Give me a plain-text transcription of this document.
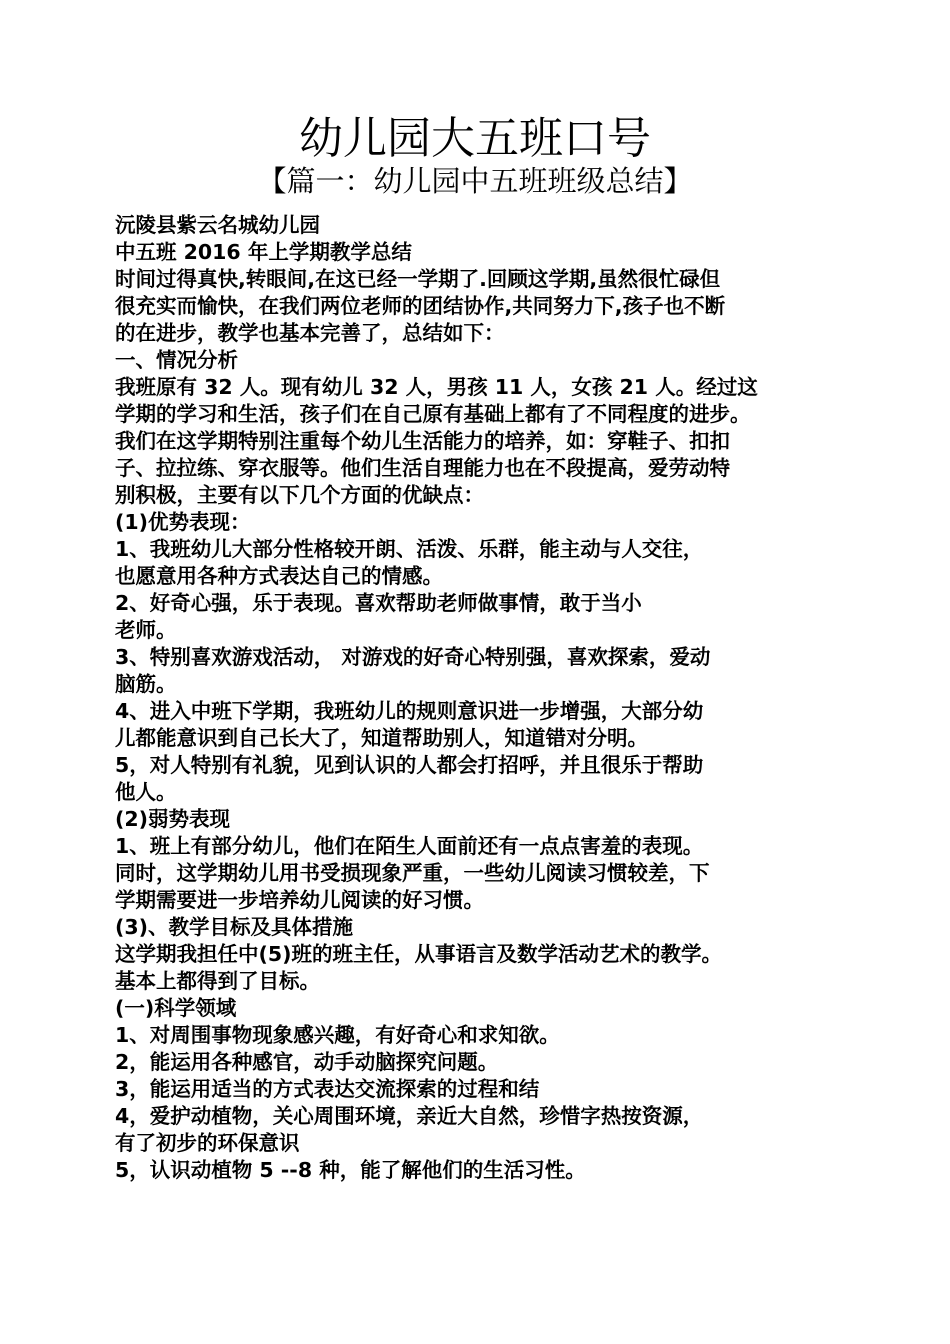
幼儿园大五班口号
【篇一：幼儿园中五班班级总结】
沅陵县紫云名城幼儿园
中五班 2016 年上学期教学总结
时间过得真快,转眼间,在这已经一学期了.回顾这学期,虽然很忙碌但
很充实而愉快，在我们两位老师的团结协作,共同努力下,孩子也不断
的在进步，教学也基本完善了，总结如下：
一、情况分析
我班原有 32 人。现有幼儿 32 人，男孩 11 人，女孩 21 人。经过这
学期的学习和生活，孩子们在自己原有基础上都有了不同程度的进步。
我们在这学期特别注重每个幼儿生活能力的培养，如：穿鞋子、扣扣
子、拉拉练、穿衣服等。他们生活自理能力也在不段提高，爱劳动特
别积极，主要有以下几个方面的优缺点：
(1)优势表现：
1、我班幼儿大部分性格较开朗、活泼、乐群，能主动与人交往，
也愿意用各种方式表达自己的情感。
2、好奇心强，乐于表现。喜欢帮助老师做事情，敢于当小
老师。
3、特别喜欢游戏活动， 对游戏的好奇心特别强，喜欢探索，爱动
脑筋。
4、进入中班下学期，我班幼儿的规则意识进一步增强，大部分幼
儿都能意识到自己长大了，知道帮助别人，知道错对分明。
5，对人特别有礼貌，见到认识的人都会打招呼，并且很乐于帮助
他人。
(2)弱势表现
1、班上有部分幼儿，他们在陌生人面前还有一点点害羞的表现。
同时，这学期幼儿用书受损现象严重，一些幼儿阅读习惯较差，下
学期需要进一步培养幼儿阅读的好习惯。
(3)、教学目标及具体措施
这学期我担任中(5)班的班主任，从事语言及数学活动艺术的教学。
基本上都得到了目标。
(一)科学领域
1、对周围事物现象感兴趣，有好奇心和求知欲。
2，能运用各种感官，动手动脑探究问题。
3，能运用适当的方式表达交流探索的过程和结
4，爱护动植物，关心周围环境，亲近大自然，珍惜字热按资源，
有了初步的环保意识
5，认识动植物 5 --8 种，能了解他们的生活习性。
